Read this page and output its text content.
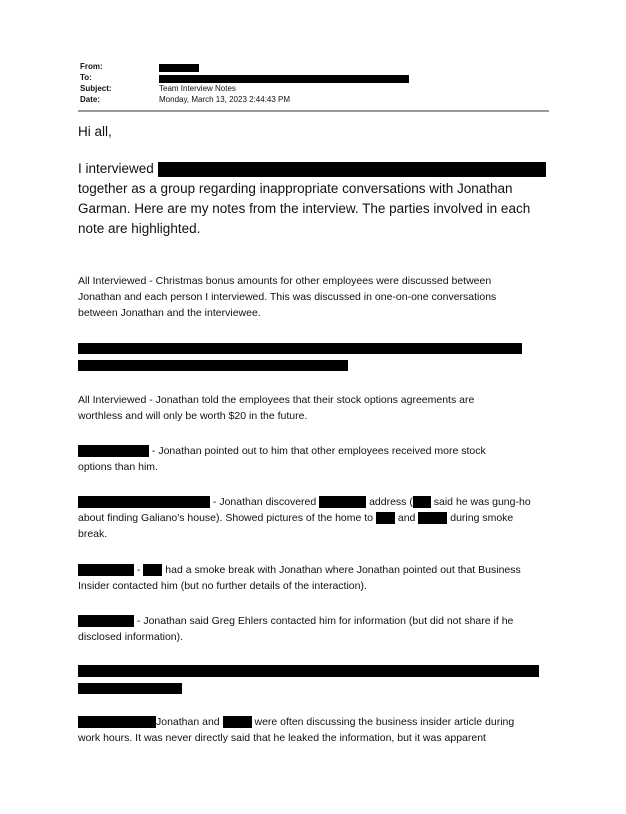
From:
To:
Subject:	Team Interview Notes
Date:	Monday, March 13, 2023 2:44:43 PM
Hi all,
I interviewed
together as a group regarding inappropriate conversations with Jonathan
Garman. Here are my notes from the interview. The parties involved in each
note are highlighted.
All Interviewed - Christmas bonus amounts for other employees were discussed between
Jonathan and each person I interviewed. This was discussed in one-on-one conversations
between Jonathan and the interviewee.
All Interviewed - Jonathan told the employees that their stock options agreements are
worthless and will only be worth $20 in the future.
- Jonathan pointed out to him that other employees received more stock
options than him.
- Jonathan discovered	address ( said he was gung-ho
about finding Galiano's house). Showed pictures of the home to  and	during smoke
break.
-  had a smoke break with Jonathan where Jonathan pointed out that Business
Insider contacted him (but no further details of the interaction).
- Jonathan said Greg Ehlers contacted him for information (but did not share if he
disclosed information).
Jonathan and	were often discussing the business insider article during
work hours. It was never directly said that he leaked the information, but it was apparent
